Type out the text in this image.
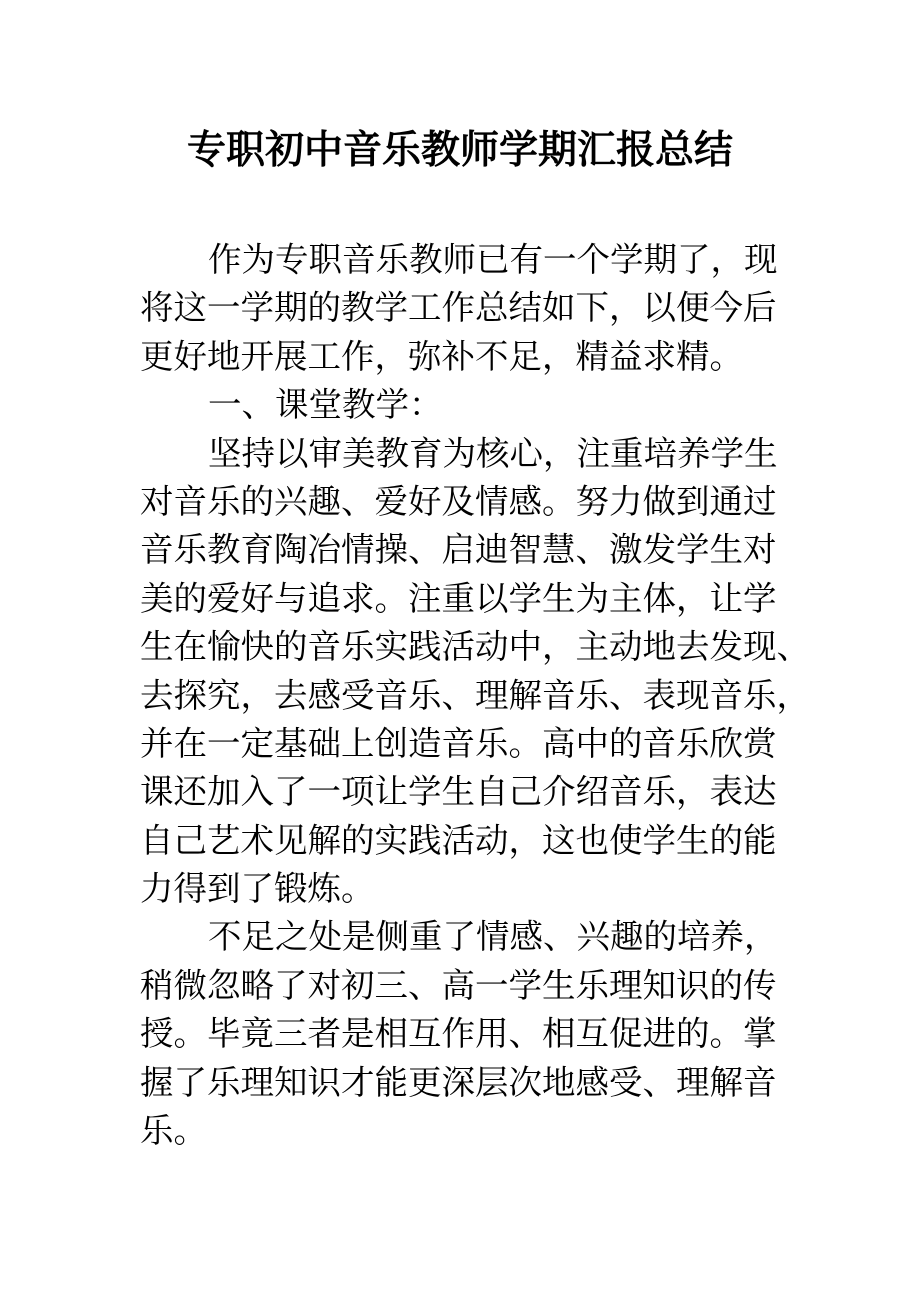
专职初中音乐教师学期汇报总结
作为专职音乐教师已有一个学期了，现
将这一学期的教学工作总结如下，以便今后
更好地开展工作，弥补不足，精益求精。
一、课堂教学：
坚持以审美教育为核心，注重培养学生
对音乐的兴趣、爱好及情感。努力做到通过
音乐教育陶冶情操、启迪智慧、激发学生对
美的爱好与追求。注重以学生为主体，让学
生在愉快的音乐实践活动中，主动地去发现、
去探究，去感受音乐、理解音乐、表现音乐，
并在一定基础上创造音乐。高中的音乐欣赏
课还加入了一项让学生自己介绍音乐，表达
自己艺术见解的实践活动，这也使学生的能
力得到了锻炼。
不足之处是侧重了情感、兴趣的培养，
稍微忽略了对初三、高一学生乐理知识的传
授。毕竟三者是相互作用、相互促进的。掌
握了乐理知识才能更深层次地感受、理解音
乐。
